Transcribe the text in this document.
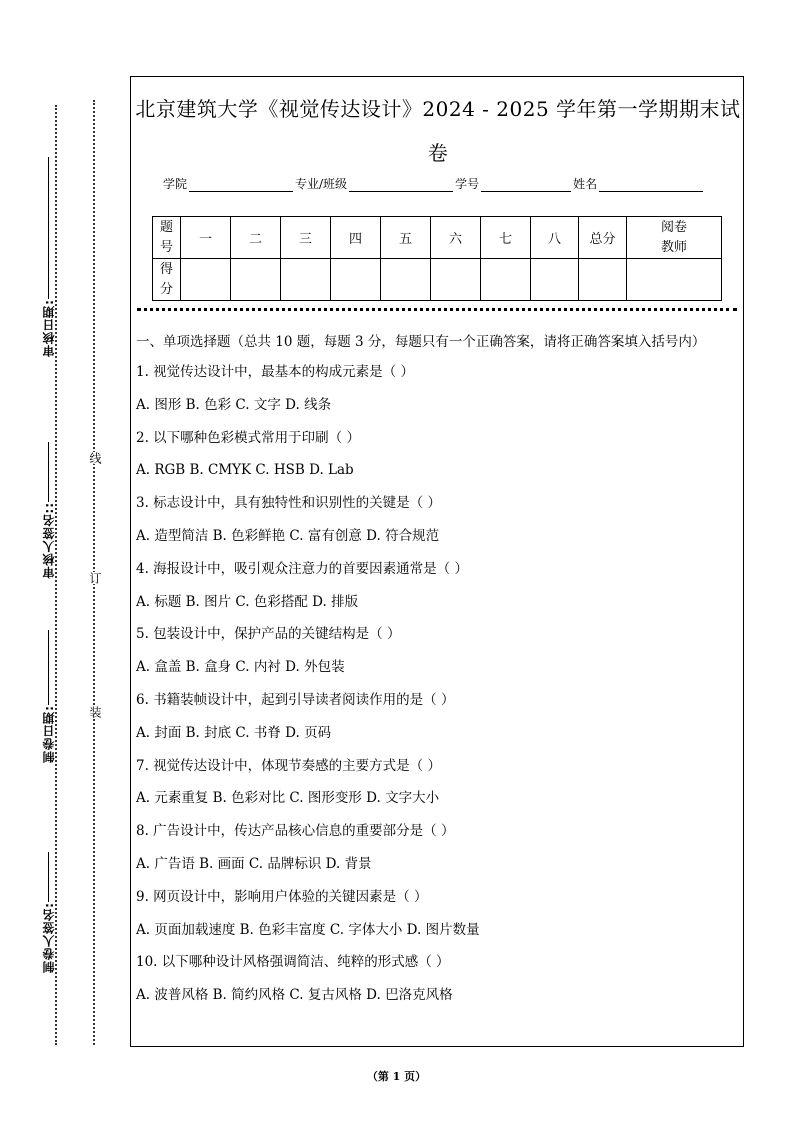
审核日期:
审核人签名::
制卷日期:
制卷人签名:
线
订
装
北京建筑大学《视觉传达设计》2024 - 2025 学年第一学期期末试卷
学院	专业/班级	学号	姓名
题号	一	二	三	四	五	六	七	八	总分	阅卷教师
得分										
一、单项选择题（总共 10 题，每题 3 分，每题只有一个正确答案，请将正确答案填入括号内）
1. 视觉传达设计中，最基本的构成元素是（ ）
A. 图形 B. 色彩 C. 文字 D. 线条
2. 以下哪种色彩模式常用于印刷（ ）
A. RGB B. CMYK C. HSB D. Lab
3. 标志设计中，具有独特性和识别性的关键是（ ）
A. 造型简洁 B. 色彩鲜艳 C. 富有创意 D. 符合规范
4. 海报设计中，吸引观众注意力的首要因素通常是（ ）
A. 标题 B. 图片 C. 色彩搭配 D. 排版
5. 包装设计中，保护产品的关键结构是（ ）
A. 盒盖 B. 盒身 C. 内衬 D. 外包装
6. 书籍装帧设计中，起到引导读者阅读作用的是（ ）
A. 封面 B. 封底 C. 书脊 D. 页码
7. 视觉传达设计中，体现节奏感的主要方式是（ ）
A. 元素重复 B. 色彩对比 C. 图形变形 D. 文字大小
8. 广告设计中，传达产品核心信息的重要部分是（ ）
A. 广告语 B. 画面 C. 品牌标识 D. 背景
9. 网页设计中，影响用户体验的关键因素是（ ）
A. 页面加载速度 B. 色彩丰富度 C. 字体大小 D. 图片数量
10. 以下哪种设计风格强调简洁、纯粹的形式感（ ）
A. 波普风格 B. 简约风格 C. 复古风格 D. 巴洛克风格
（第 1 页）
